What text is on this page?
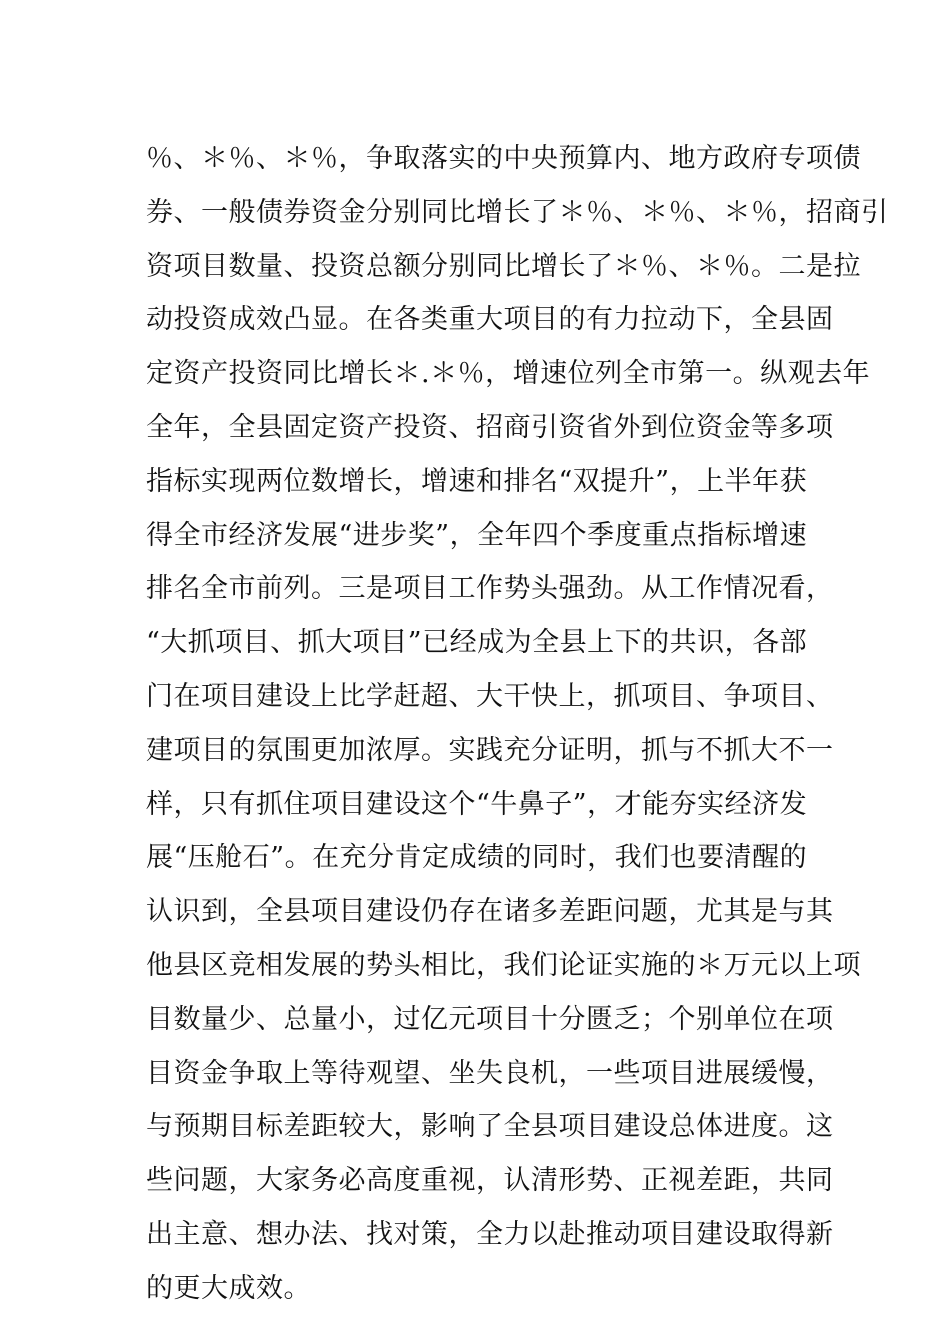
％、＊％、＊％，争取落实的中央预算内、地方政府专项债
券、一般债券资金分别同比增长了＊％、＊％、＊％，招商引
资项目数量、投资总额分别同比增长了＊％、＊％。二是拉
动投资成效凸显。在各类重大项目的有力拉动下，全县固
定资产投资同比增长＊.＊％，增速位列全市第一。纵观去年
全年，全县固定资产投资、招商引资省外到位资金等多项
指标实现两位数增长，增速和排名“双提升”，上半年获
得全市经济发展“进步奖”，全年四个季度重点指标增速
排名全市前列。三是项目工作势头强劲。从工作情况看，
“大抓项目、抓大项目”已经成为全县上下的共识，各部
门在项目建设上比学赶超、大干快上，抓项目、争项目、
建项目的氛围更加浓厚。实践充分证明，抓与不抓大不一
样，只有抓住项目建设这个“牛鼻子”，才能夯实经济发
展“压舱石”。在充分肯定成绩的同时，我们也要清醒的
认识到，全县项目建设仍存在诸多差距问题，尤其是与其
他县区竞相发展的势头相比，我们论证实施的＊万元以上项
目数量少、总量小，过亿元项目十分匮乏；个别单位在项
目资金争取上等待观望、坐失良机，一些项目进展缓慢，
与预期目标差距较大，影响了全县项目建设总体进度。这
些问题，大家务必高度重视，认清形势、正视差距，共同
出主意、想办法、找对策，全力以赴推动项目建设取得新
的更大成效。
